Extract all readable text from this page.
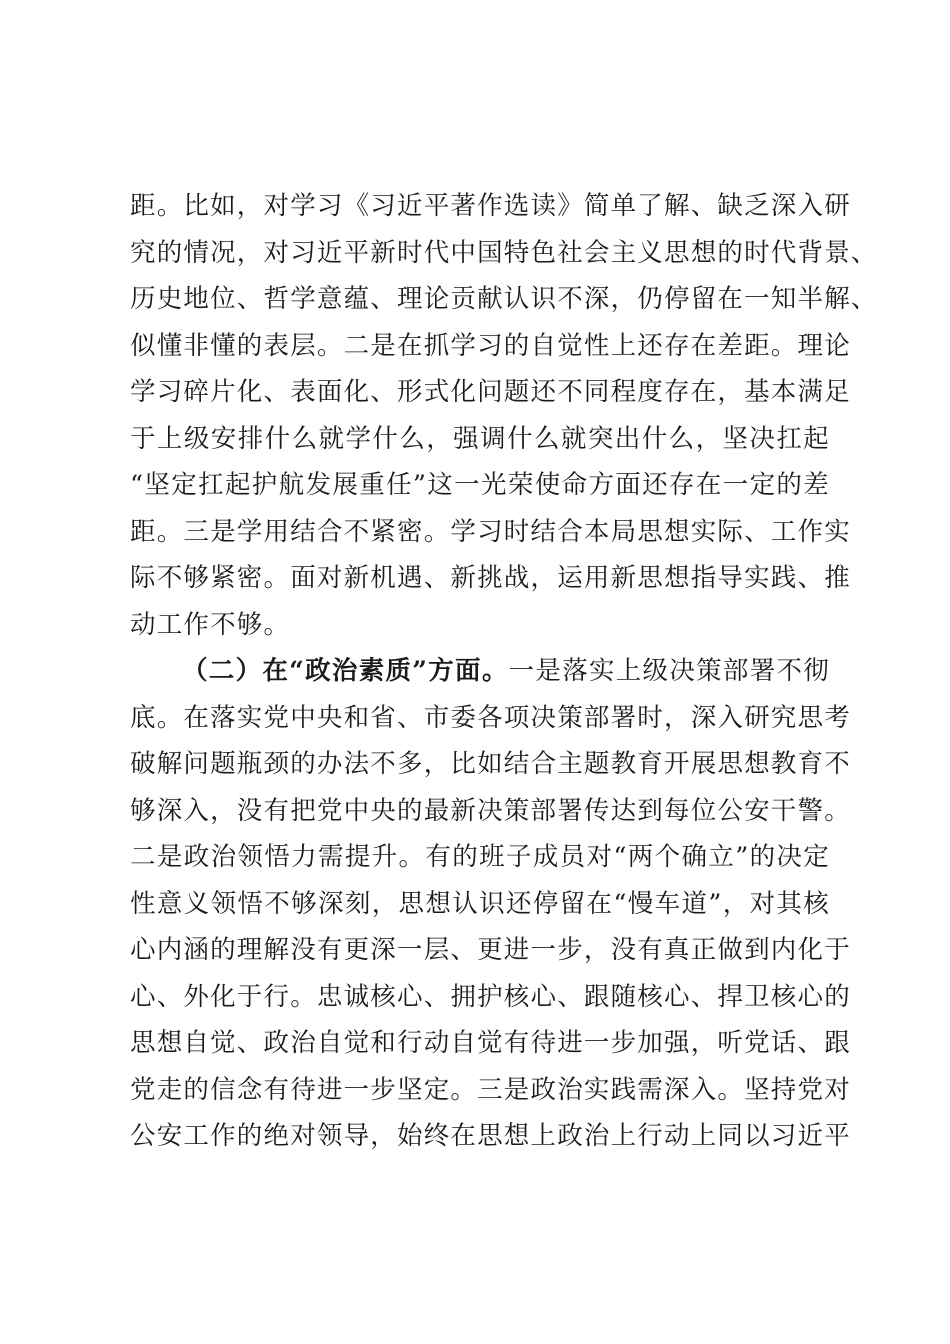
距。比如，对学习《习近平著作选读》简单了解、缺乏深入研
究的情况，对习近平新时代中国特色社会主义思想的时代背景、
历史地位、哲学意蕴、理论贡献认识不深，仍停留在一知半解、
似懂非懂的表层。二是在抓学习的自觉性上还存在差距。理论
学习碎片化、表面化、形式化问题还不同程度存在，基本满足
于上级安排什么就学什么，强调什么就突出什么，坚决扛起
“坚定扛起护航发展重任”这一光荣使命方面还存在一定的差
距。三是学用结合不紧密。学习时结合本局思想实际、工作实
际不够紧密。面对新机遇、新挑战，运用新思想指导实践、推
动工作不够。
（二）在“政治素质”方面。一是落实上级决策部署不彻
底。在落实党中央和省、市委各项决策部署时，深入研究思考
破解问题瓶颈的办法不多，比如结合主题教育开展思想教育不
够深入，没有把党中央的最新决策部署传达到每位公安干警。
二是政治领悟力需提升。有的班子成员对“两个确立”的决定
性意义领悟不够深刻，思想认识还停留在“慢车道”，对其核
心内涵的理解没有更深一层、更进一步，没有真正做到内化于
心、外化于行。忠诚核心、拥护核心、跟随核心、捍卫核心的
思想自觉、政治自觉和行动自觉有待进一步加强，听党话、跟
党走的信念有待进一步坚定。三是政治实践需深入。坚持党对
公安工作的绝对领导，始终在思想上政治上行动上同以习近平
